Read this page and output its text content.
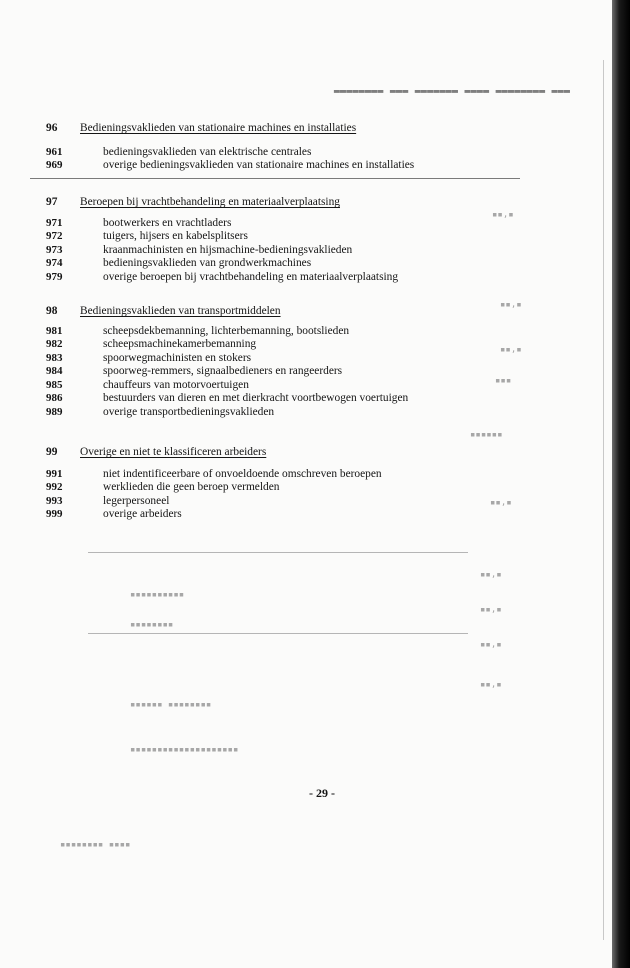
▬▬▬ ▬▬▬▬▬▬▬▬ ▬▬▬▬ ▬▬▬▬▬▬▬ ▬▬▬ ▬▬▬▬▬▬▬▬
▪▪,▪
▪▪,▪
▪▪,▪
▪▪▪
▪▪▪▪▪▪
▪▪,▪
▪▪,▪
▪▪,▪
▪▪,▪
▪▪,▪
▪▪▪▪▪▪▪▪▪▪
▪▪▪▪▪▪▪▪
▪▪▪▪▪▪ ▪▪▪▪▪▪▪▪
▪▪▪▪▪▪▪▪▪▪▪▪▪▪▪▪▪▪▪▪
▪▪▪▪▪▪▪▪ ▪▪▪▪
96	Bedieningsvaklieden van stationaire machines en installaties
961	bedieningsvaklieden van elektrische centrales
969	overige bedieningsvaklieden van stationaire machines en installaties
97	Beroepen bij vrachtbehandeling en materiaalverplaatsing
971	bootwerkers en vrachtladers
972	tuigers, hijsers en kabelsplitsers
973	kraanmachinisten en hijsmachine-bedieningsvaklieden
974	bedieningsvaklieden van grondwerkmachines
979	overige beroepen bij vrachtbehandeling en materiaalverplaatsing
98	Bedieningsvaklieden van transportmiddelen
981	scheepsdekbemanning, lichterbemanning, bootslieden
982	scheepsmachinekamerbemanning
983	spoorwegmachinisten en stokers
984	spoorweg-remmers, signaalbedieners en rangeerders
985	chauffeurs van motorvoertuigen
986	bestuurders van dieren en met dierkracht voortbewogen voertuigen
989	overige transportbedieningsvaklieden
99	Overige en niet te klassificeren arbeiders
991	niet indentificeerbare of onvoeldoende omschreven beroepen
992	werklieden die geen beroep vermelden
993	legerpersoneel
999	overige arbeiders
- 29 -
